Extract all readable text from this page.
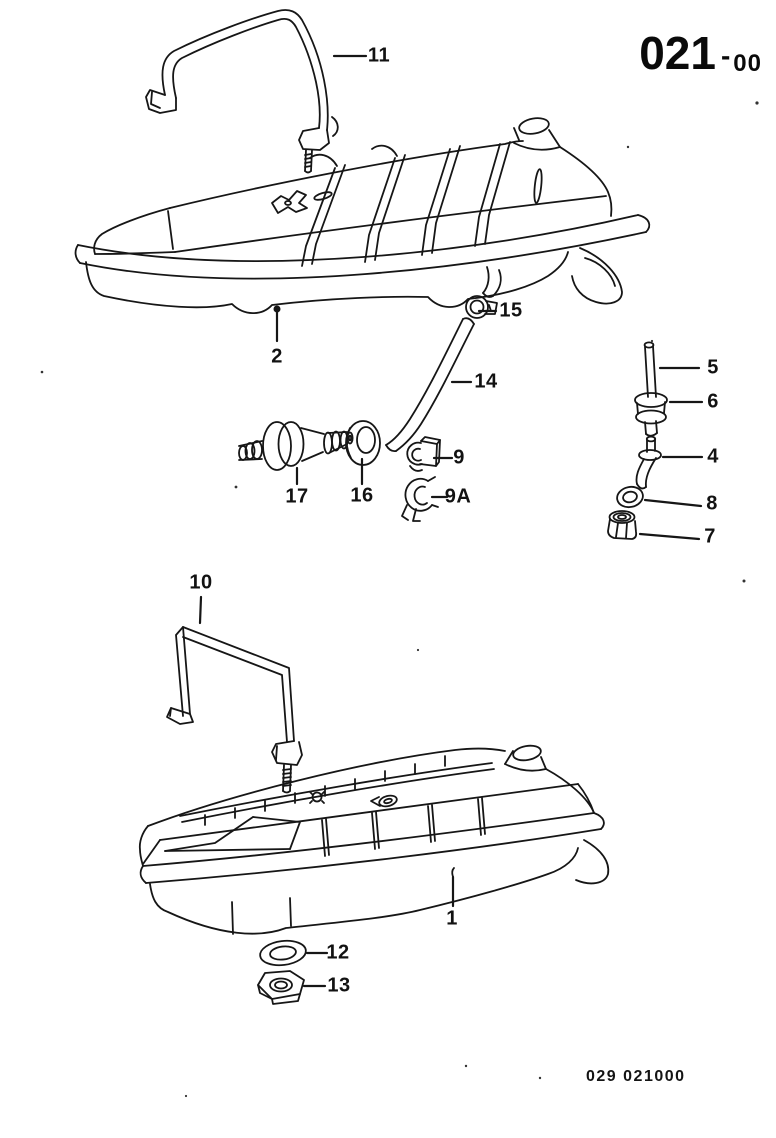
021 - 00
11
2
15
14
17 16
9
9A
5
6
4
8
7
10
1
12
13
029 021000
